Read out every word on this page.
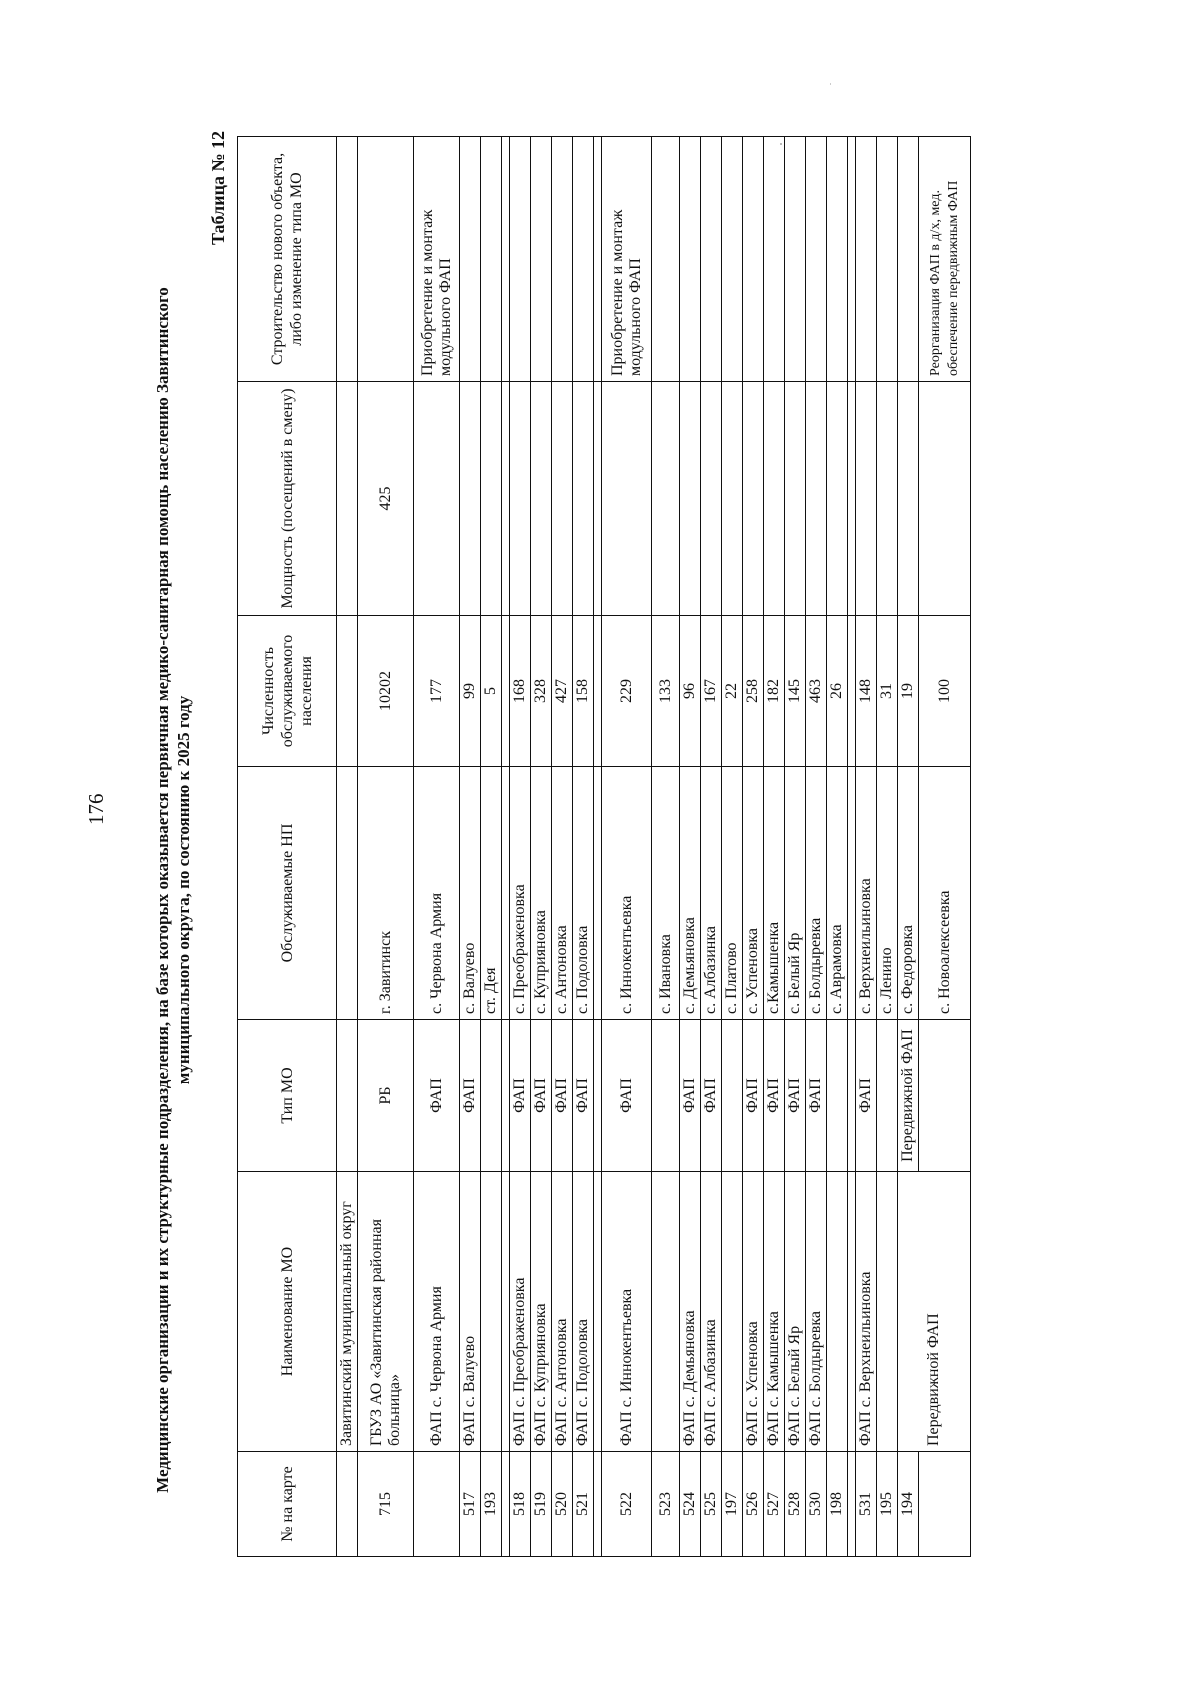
176	Медицинские организации и их структурные подразделения, на базе которых оказывается первичная медико-санитарная помощь населению Завитинского муниципального округа, по состоянию к 2025 году
Таблица № 12
№ на карте	Наименование МО	Тип МО	Обслуживаемые НП	Численность обслуживаемого населения	Мощность (посещений в смену)	Строительство нового объекта, либо изменение типа МО
	Завитинский муниципальный округ					
715	ГБУЗ АО «Завитинская районная больница»	РБ	г. Завитинск	10202	425	
	ФАП с. Червона Армия	ФАП	с. Червона Армия	177		Приобретение и монтаж модульного ФАП
517	ФАП с. Валуево	ФАП	с. Валуево	99		
193			ст. Дея	5		

518	ФАП с. Преображеновка	ФАП	с. Преображеновка	168		
519	ФАП с. Куприяновка	ФАП	с. Куприяновка	328		
520	ФАП с. Антоновка	ФАП	с. Антоновка	427		
521	ФАП с. Подоловка	ФАП	с. Подоловка	158		

522	ФАП с. Иннокентьевка	ФАП	с. Иннокентьевка	229		Приобретение и монтаж модульного ФАП
523			с. Ивановка	133		
524	ФАП с. Демьяновка	ФАП	с. Демьяновка	96		
525	ФАП с. Албазинка	ФАП	с. Албазинка	167		
197			с. Платово	22		
526	ФАП с. Успеновка	ФАП	с. Успеновка	258		
527	ФАП с. Камышенка	ФАП	с.Камышенка	182		
528	ФАП с. Белый Яр	ФАП	с. Белый Яр	145		
530	ФАП с. Болдыревка	ФАП	с. Болдыревка	463		
198			с. Аврамовка	26		

531	ФАП с. Верхнеильиновка	ФАП	с. Верхнеильиновка	148		
195			с. Ленино	31		
194	Передвижной ФАП	Передвижной ФАП	с. Федоровка	19		
			с. Новоалексеевка	100		Реорганизация ФАП в д/х, мед. обеспечение передвижным ФАП
